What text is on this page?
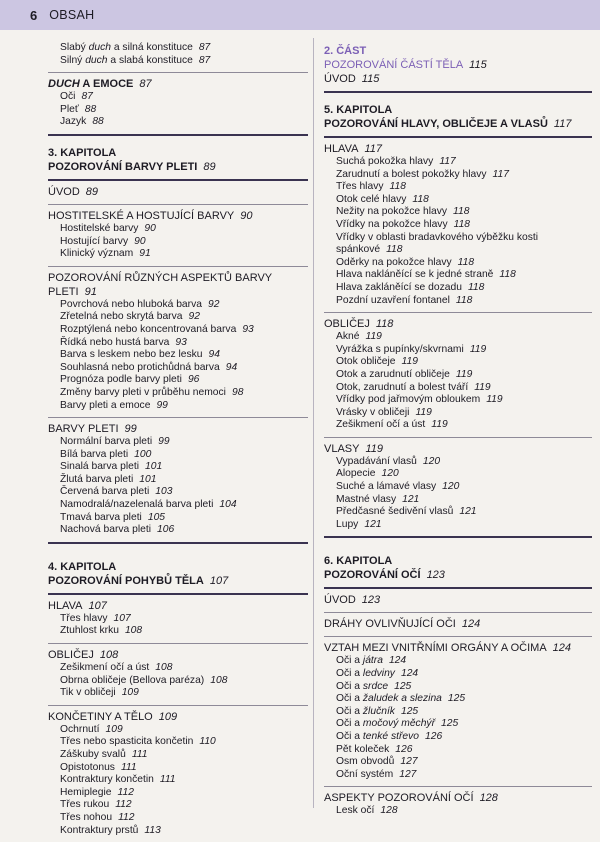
6 OBSAH
Slabý duch a silná konstituce 87
Silný duch a slabá konstituce 87
DUCH A EMOCE 87
Oči 87
Pleť 88
Jazyk 88
3. KAPITOLA
POZOROVÁNÍ BARVY PLETI 89
ÚVOD 89
HOSTITELSKÉ A HOSTUJÍCÍ BARVY 90
Hostitelské barvy 90
Hostující barvy 90
Klinický význam 91
POZOROVÁNÍ RŮZNÝCH ASPEKTŮ BARVY PLETI 91
Povrchová nebo hluboká barva 92
Zřetelná nebo skrytá barva 92
Rozptýlená nebo koncentrovaná barva 93
Řídká nebo hustá barva 93
Barva s leskem nebo bez lesku 94
Souhlasná nebo protichůdná barva 94
Prognóza podle barvy pleti 96
Změny barvy pleti v průběhu nemoci 98
Barvy pleti a emoce 99
BARVY PLETI 99
Normální barva pleti 99
Bílá barva pleti 100
Sinalá barva pleti 101
Žlutá barva pleti 101
Červená barva pleti 103
Namodralá/nazelenalá barva pleti 104
Tmavá barva pleti 105
Nachová barva pleti 106
4. KAPITOLA
POZOROVÁNÍ POHYBŮ TĚLA 107
HLAVA 107
Třes hlavy 107
Ztuhlost krku 108
OBLIČEJ 108
Zešikmení očí a úst 108
Obrna obličeje (Bellova paréza) 108
Tik v obličeji 109
KONČETINY A TĚLO 109
Ochrnutí 109
Třes nebo spasticita končetin 110
Záškuby svalů 111
Opistotonus 111
Kontraktury končetin 111
Hemiplegie 112
Třes rukou 112
Třes nohou 112
Kontraktury prstů 113
2. ČÁST
POZOROVÁNÍ ČÁSTÍ TĚLA 115
ÚVOD 115
5. KAPITOLA
POZOROVÁNÍ HLAVY, OBLIČEJE A VLASŮ 117
HLAVA 117
Suchá pokožka hlavy 117
Zarudnutí a bolest pokožky hlavy 117
Třes hlavy 118
Otok celé hlavy 118
Nežity na pokožce hlavy 118
Vřídky na pokožce hlavy 118
Vřídky v oblasti bradavkového výběžku kosti
spánkové 118
Oděrky na pokožce hlavy 118
Hlava nakláněící se k jedné straně 118
Hlava zakláněící se dozadu 118
Pozdní uzavření fontanel 118
OBLIČEJ 118
Akné 119
Vyrážka s pupínky/skvrnami 119
Otok obličeje 119
Otok a zarudnutí obličeje 119
Otok, zarudnutí a bolest tváří 119
Vřídky pod jařmovým obloukem 119
Vrásky v obličeji 119
Zešikmení očí a úst 119
VLASY 119
Vypadávání vlasů 120
Alopecie 120
Suché a lámavé vlasy 120
Mastné vlasy 121
Předčasné šedivění vlasů 121
Lupy 121
6. KAPITOLA
POZOROVÁNÍ OČÍ 123
ÚVOD 123
DRÁHY OVLIVŇUJÍCÍ OČI 124
VZTAH MEZI VNITŘNÍMI ORGÁNY A OČIMA 124
Oči a játra 124
Oči a ledviny 124
Oči a srdce 125
Oči a žaludek a slezina 125
Oči a žlučník 125
Oči a močový měchýř 125
Oči a tenké střevo 126
Pět koleček 126
Osm obvodů 127
Oční systém 127
ASPEKTY POZOROVÁNÍ OČÍ 128
Lesk očí 128
